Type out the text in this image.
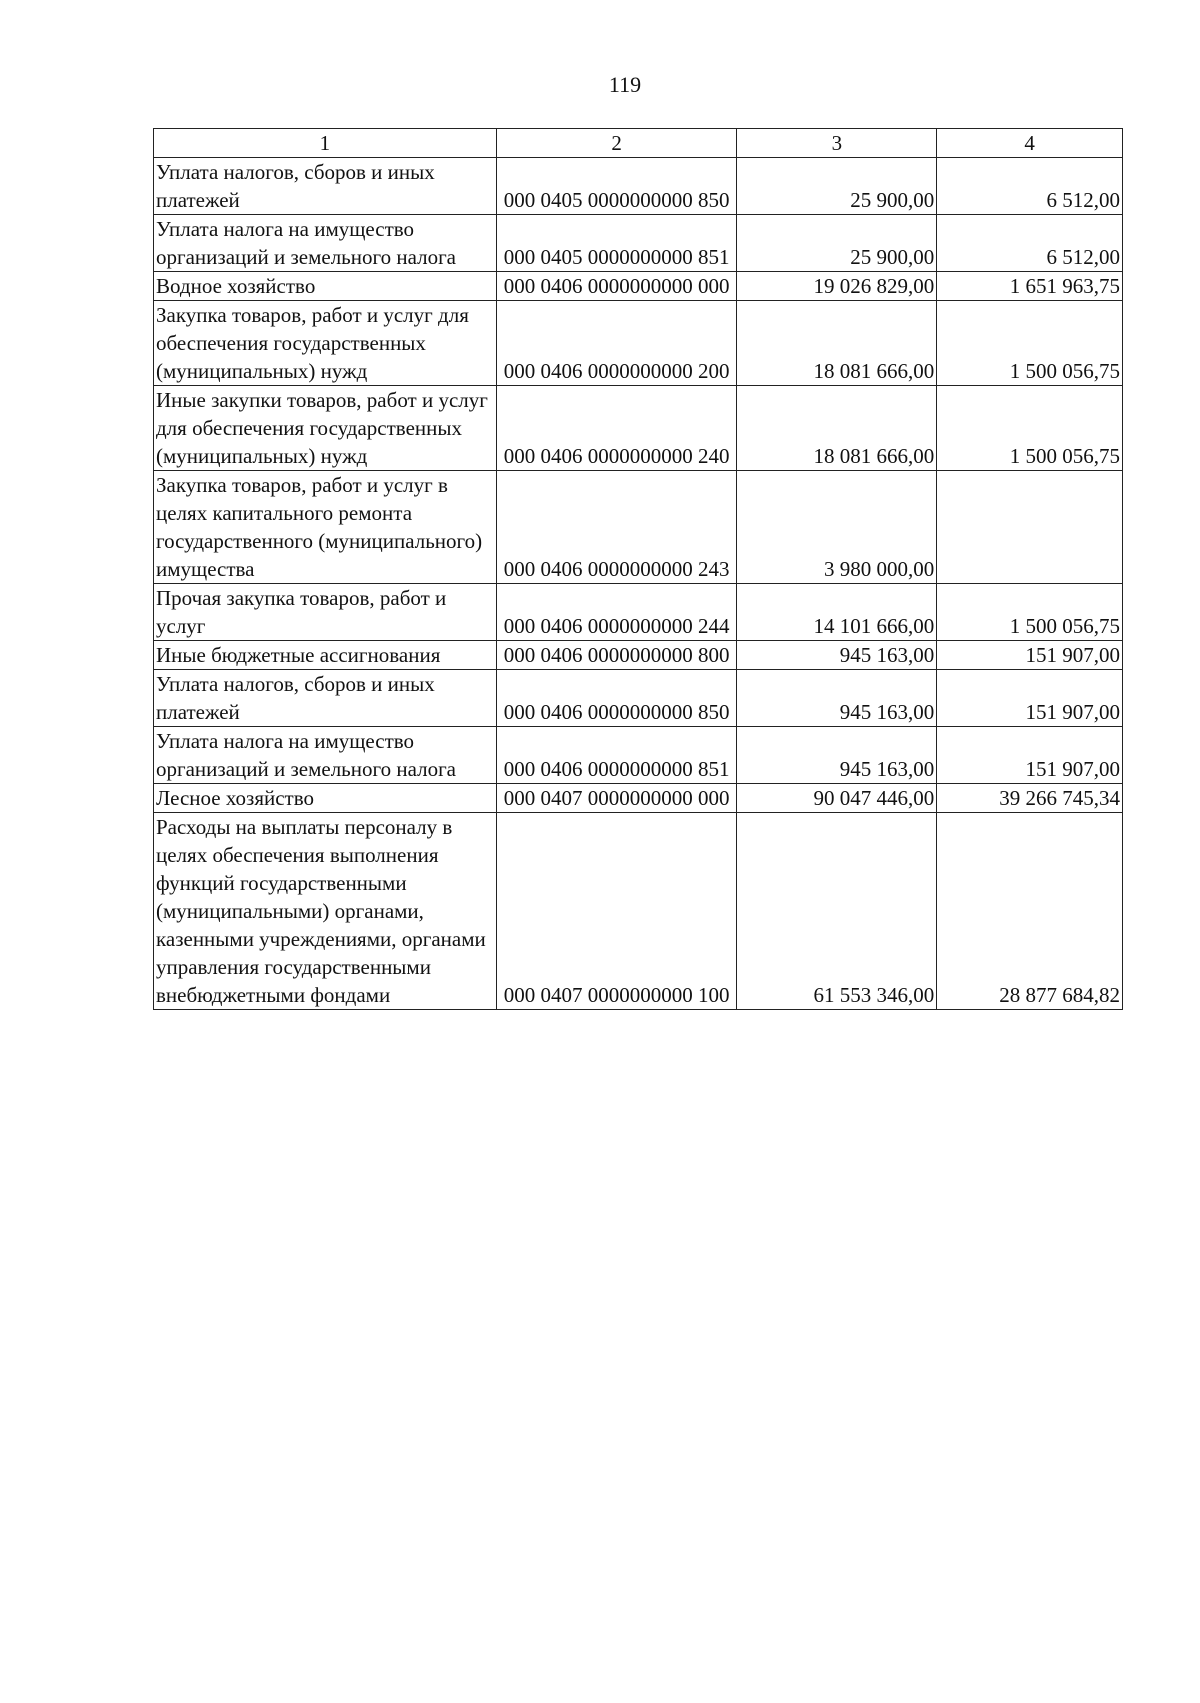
119
1	2	3	4
Уплата налогов, сборов и иных платежей	000 0405 0000000000 850	25 900,00	6 512,00
Уплата налога на имущество организаций и земельного налога	000 0405 0000000000 851	25 900,00	6 512,00
Водное хозяйство	000 0406 0000000000 000	19 026 829,00	1 651 963,75
Закупка товаров, работ и услуг для обеспечения государственных (муниципальных) нужд	000 0406 0000000000 200	18 081 666,00	1 500 056,75
Иные закупки товаров, работ и услуг для обеспечения государственных (муниципальных) нужд	000 0406 0000000000 240	18 081 666,00	1 500 056,75
Закупка товаров, работ и услуг в целях капитального ремонта государственного (муниципального) имущества	000 0406 0000000000 243	3 980 000,00	
Прочая закупка товаров, работ и услуг	000 0406 0000000000 244	14 101 666,00	1 500 056,75
Иные бюджетные ассигнования	000 0406 0000000000 800	945 163,00	151 907,00
Уплата налогов, сборов и иных платежей	000 0406 0000000000 850	945 163,00	151 907,00
Уплата налога на имущество организаций и земельного налога	000 0406 0000000000 851	945 163,00	151 907,00
Лесное хозяйство	000 0407 0000000000 000	90 047 446,00	39 266 745,34
Расходы на выплаты персоналу в целях обеспечения выполнения функций государственными (муниципальными) органами, казенными учреждениями, органами управления государственными внебюджетными фондами	000 0407 0000000000 100	61 553 346,00	28 877 684,82
